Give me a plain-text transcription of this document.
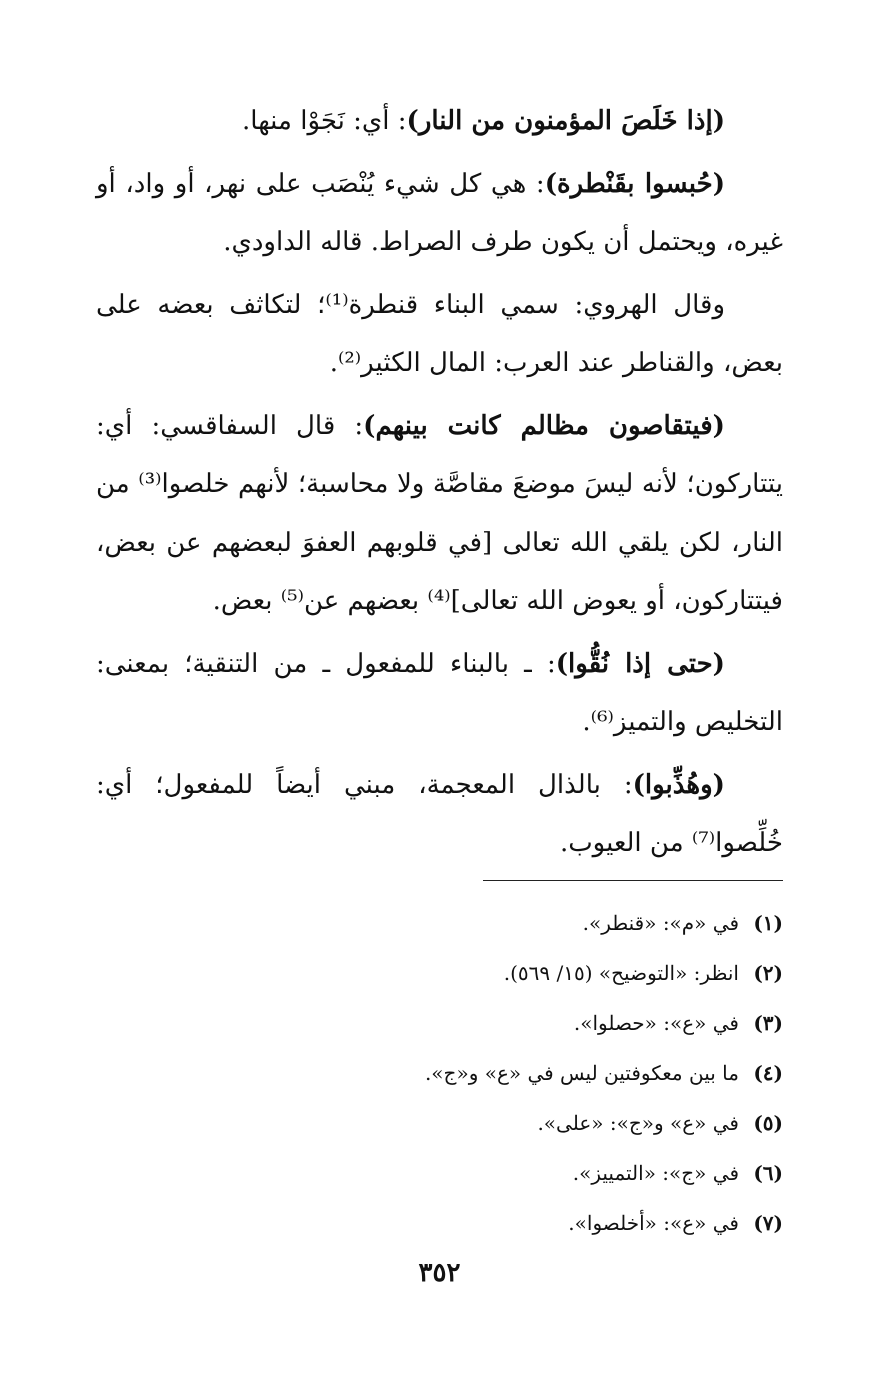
(إذا خَلَصَ المؤمنون من النار): أي: نَجَوْا منها.

(حُبسوا بقَنْطرة): هي كل شيء يُنْصَب على نهر، أو واد، أو غيره، ويحتمل أن يكون طرف الصراط. قاله الداودي.

وقال الهروي: سمي البناء قنطرة⁽¹⁾؛ لتكاثف بعضه على بعض، والقناطر عند العرب: المال الكثير⁽²⁾.

(فيتقاصون مظالم كانت بينهم): قال السفاقسي: أي: يتتاركون؛ لأنه ليسَ موضعَ مقاصَّة ولا محاسبة؛ لأنهم خلصوا⁽³⁾ من النار، لكن يلقي الله تعالى [في قلوبهم العفوَ لبعضهم عن بعض، فيتتاركون، أو يعوض الله تعالى]⁽⁴⁾ بعضهم عن⁽⁵⁾ بعض.

(حتى إذا نُقُّوا): ـ بالبناء للمفعول ـ من التنقية؛ بمعنى: التخليص والتميز⁽⁶⁾.

(وهُذِّبوا): بالذال المعجمة، مبني أيضاً للمفعول؛ أي: خُلِّصوا⁽⁷⁾ من العيوب.

(١)في «م»: «قنطر».

(٢)انظر: «التوضيح» (١٥/ ٥٦٩).

(٣)في «ع»: «حصلوا».

(٤)ما بين معكوفتين ليس في «ع» و«ج».

(٥)في «ع» و«ج»: «على».

(٦)في «ج»: «التمييز».

(٧)في «ع»: «أخلصوا».

٣٥٢
